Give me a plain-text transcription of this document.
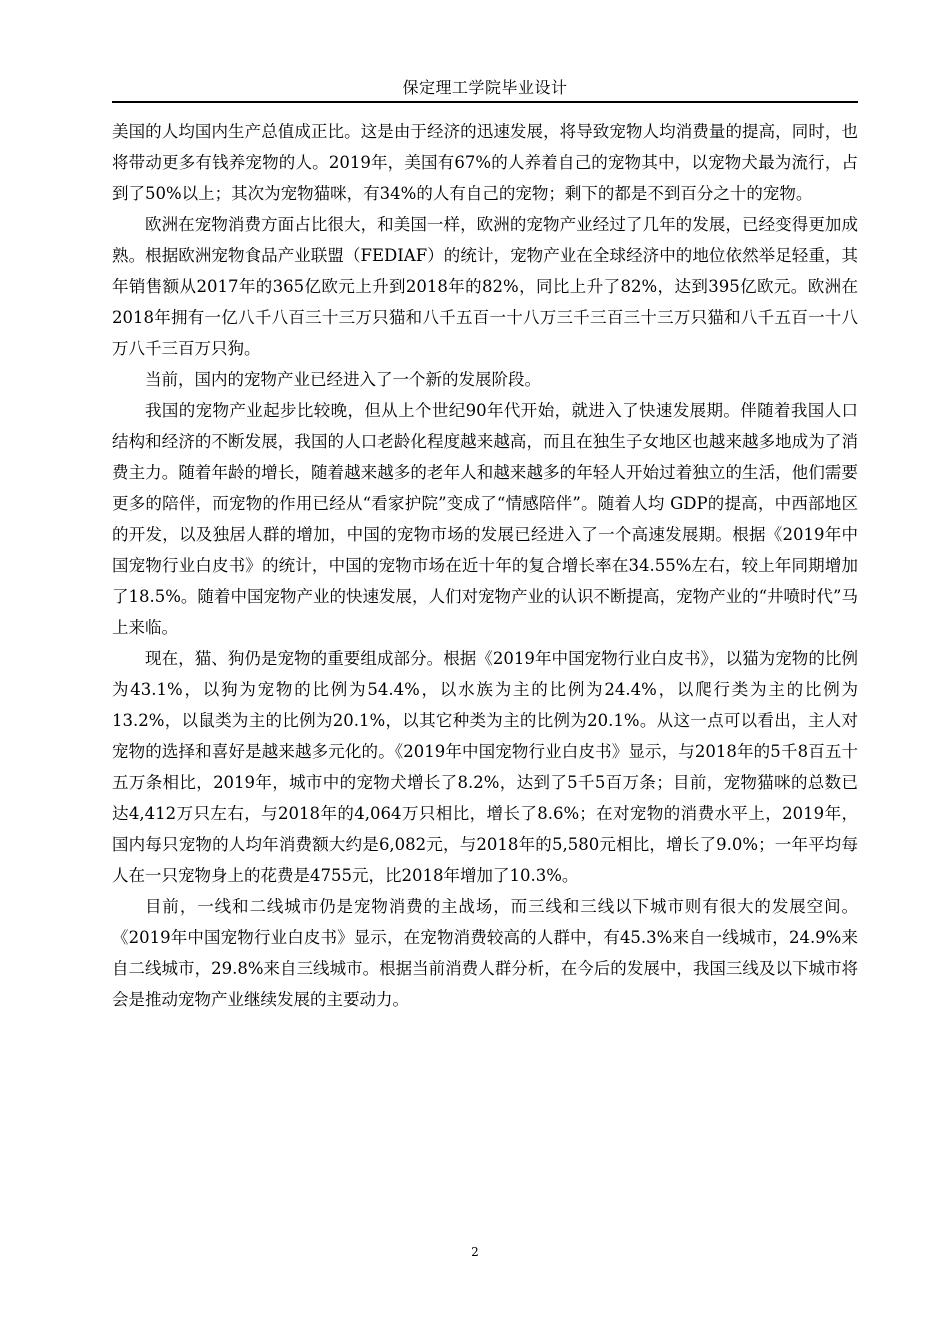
保定理工学院毕业设计

美国的人均国内生产总值成正比。这是由于经济的迅速发展，将导致宠物人均消费量的提高，同时，也将带动更多有钱养宠物的人。2019年，美国有67%的人养着自己的宠物其中，以宠物犬最为流行，占到了50%以上；其次为宠物猫咪，有34%的人有自己的宠物；剩下的都是不到百分之十的宠物。

欧洲在宠物消费方面占比很大，和美国一样，欧洲的宠物产业经过了几年的发展，已经变得更加成熟。根据欧洲宠物食品产业联盟（FEDIAF）的统计，宠物产业在全球经济中的地位依然举足轻重，其年销售额从2017年的365亿欧元上升到2018年的82%，同比上升了82%，达到395亿欧元。欧洲在2018年拥有一亿八千八百三十三万只猫和八千五百一十八万三千三百三十三万只猫和八千五百一十八万八千三百万只狗。

当前，国内的宠物产业已经进入了一个新的发展阶段。

我国的宠物产业起步比较晚，但从上个世纪90年代开始，就进入了快速发展期。伴随着我国人口结构和经济的不断发展，我国的人口老龄化程度越来越高，而且在独生子女地区也越来越多地成为了消费主力。随着年龄的增长，随着越来越多的老年人和越来越多的年轻人开始过着独立的生活，他们需要更多的陪伴，而宠物的作用已经从“看家护院”变成了“情感陪伴”。随着人均 GDP的提高，中西部地区的开发，以及独居人群的增加，中国的宠物市场的发展已经进入了一个高速发展期。根据《2019年中国宠物行业白皮书》的统计，中国的宠物市场在近十年的复合增长率在34.55%左右，较上年同期增加了18.5%。随着中国宠物产业的快速发展，人们对宠物产业的认识不断提高，宠物产业的“井喷时代”马上来临。

现在，猫、狗仍是宠物的重要组成部分。根据《2019年中国宠物行业白皮书》，以猫为宠物的比例为43.1%，以狗为宠物的比例为54.4%，以水族为主的比例为24.4%，以爬行类为主的比例为13.2%，以鼠类为主的比例为20.1%，以其它种类为主的比例为20.1%。从这一点可以看出，主人对宠物的选择和喜好是越来越多元化的。《2019年中国宠物行业白皮书》显示，与2018年的5千8百五十五万条相比，2019年，城市中的宠物犬增长了8.2%，达到了5千5百万条；目前，宠物猫咪的总数已达4,412万只左右，与2018年的4,064万只相比，增长了8.6%；在对宠物的消费水平上，2019年，国内每只宠物的人均年消费额大约是6,082元，与2018年的5,580元相比，增长了9.0%；一年平均每人在一只宠物身上的花费是4755元，比2018年增加了10.3%。

目前，一线和二线城市仍是宠物消费的主战场，而三线和三线以下城市则有很大的发展空间。《2019年中国宠物行业白皮书》显示，在宠物消费较高的人群中，有45.3%来自一线城市，24.9%来自二线城市，29.8%来自三线城市。根据当前消费人群分析，在今后的发展中，我国三线及以下城市将会是推动宠物产业继续发展的主要动力。

2
